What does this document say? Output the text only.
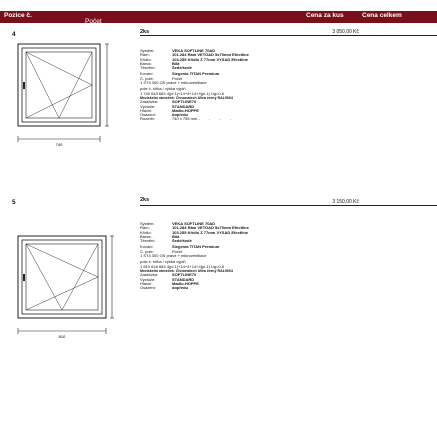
Pozice č.
Počet
Cena za kus	Cena celkem
4	2ks	3 050,00 Kč
740
Systém:	VEKA SOFTLINE 70AD
Rám:	101.284 Rám VETOAD 5x70mm Efectline
Křídlo:	103.255 Křídlo Z 77mm VYSAD Efectline
Barva:	Bílá
Těsnění:	Šedé/šedé
Kování:	Siegenia TITAN Premium
Č. pole:	Počet
1 ST4 300 OS pravé + mikroventilace
pole č. šířka / výška výplň
1 740 643 683 4(pl.1)+14+4+14+4(pl.1) Ug=0,6
Meziskelní rámeček: Chromatech Ultra černý RAL9004
Zasklívka:	SOFTLINE70
Výztuže:	STANDARD
Hlavní:	Madlo-HOPPE
Osazení:	dopředu
Rozměr:	740 x 755 mm - - - -
5	2ks	3 150,00 Kč
810
Systém:	VEKA SOFTLINE 70AD
Rám:	101.284 Rám VETOAD 5x70mm Efectline
Křídlo:	103.255 Křídlo Z 77mm VYSAD Efectline
Barva:	Bílá
Těsnění:	Šedé/šedé
Kování:	Siegenia TITAN Premium
Č. pole:	Počet
1 ST4 300 OS pravé + mikroventilace
pole č. šířka / výška výplň
1 810 618 683 4(pl.1)+14+4+14+4(pl.1) Ug=0,6
Meziskelní rámeček: Chromatech Ultra černý RAL9004
Zasklívka:	SOFTLINE70
Výztuže:	STANDARD
Hlavní:	Madlo-HOPPE
Osazení:	dopředu
